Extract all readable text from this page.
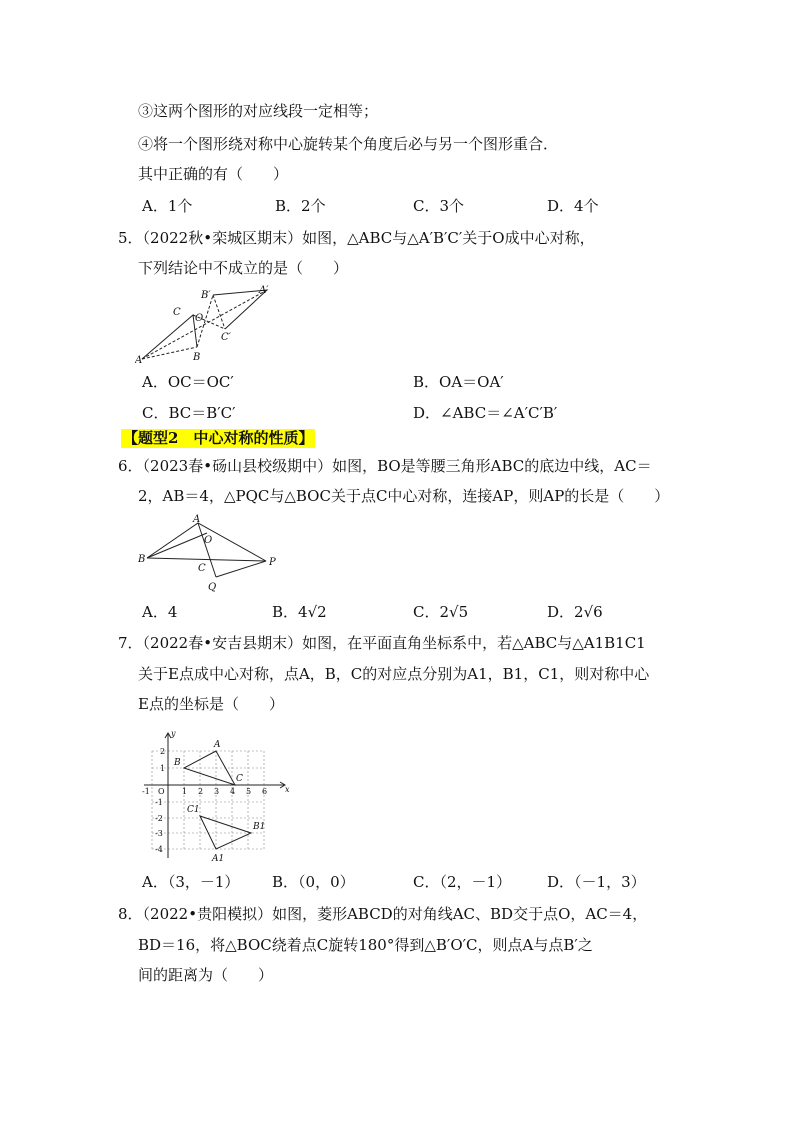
③这两个图形的对应线段一定相等；
④将一个图形绕对称中心旋转某个角度后必与另一个图形重合．
其中正确的有（　　）
A．1个	B．2个	C．3个	D．4个
5．（2022秋•栾城区期末）如图，△ABC与△A′B′C′关于O成中心对称，
下列结论中不成立的是（　　）
A	B
C
O
A′
B′
C′
A．OC＝OC′	B．OA＝OA′
C．BC＝B′C′	D．∠ABC＝∠A′C′B′
【题型2　中心对称的性质】
6．（2023春•砀山县校级期中）如图，BO是等腰三角形ABC的底边中线，AC＝
2，AB＝4，△PQC与△BOC关于点C中心对称，连接AP，则AP的长是（　　）
A
B
O
C
P
Q
A．4	B．4√2	C．2√5	D．2√6
7．（2022春•安吉县期末）如图，在平面直角坐标系中，若△ABC与△A1B1C1
关于E点成中心对称，点A，B，C的对应点分别为A1，B1，C1，则对称中心
E点的坐标是（　　）
-1 O 1 2 3 4 5 6
2
1
-1
-2
-3
-4
x
y
A
B
C
A1
B1
C1
A．（3，－1） B．（0，0）	C．（2，－1） D．（－1，3）
8．（2022•贵阳模拟）如图，菱形ABCD的对角线AC、BD交于点O，AC＝4，
BD＝16，将△BOC绕着点C旋转180°得到△B′O′C，则点A与点B′之
间的距离为（　　）
